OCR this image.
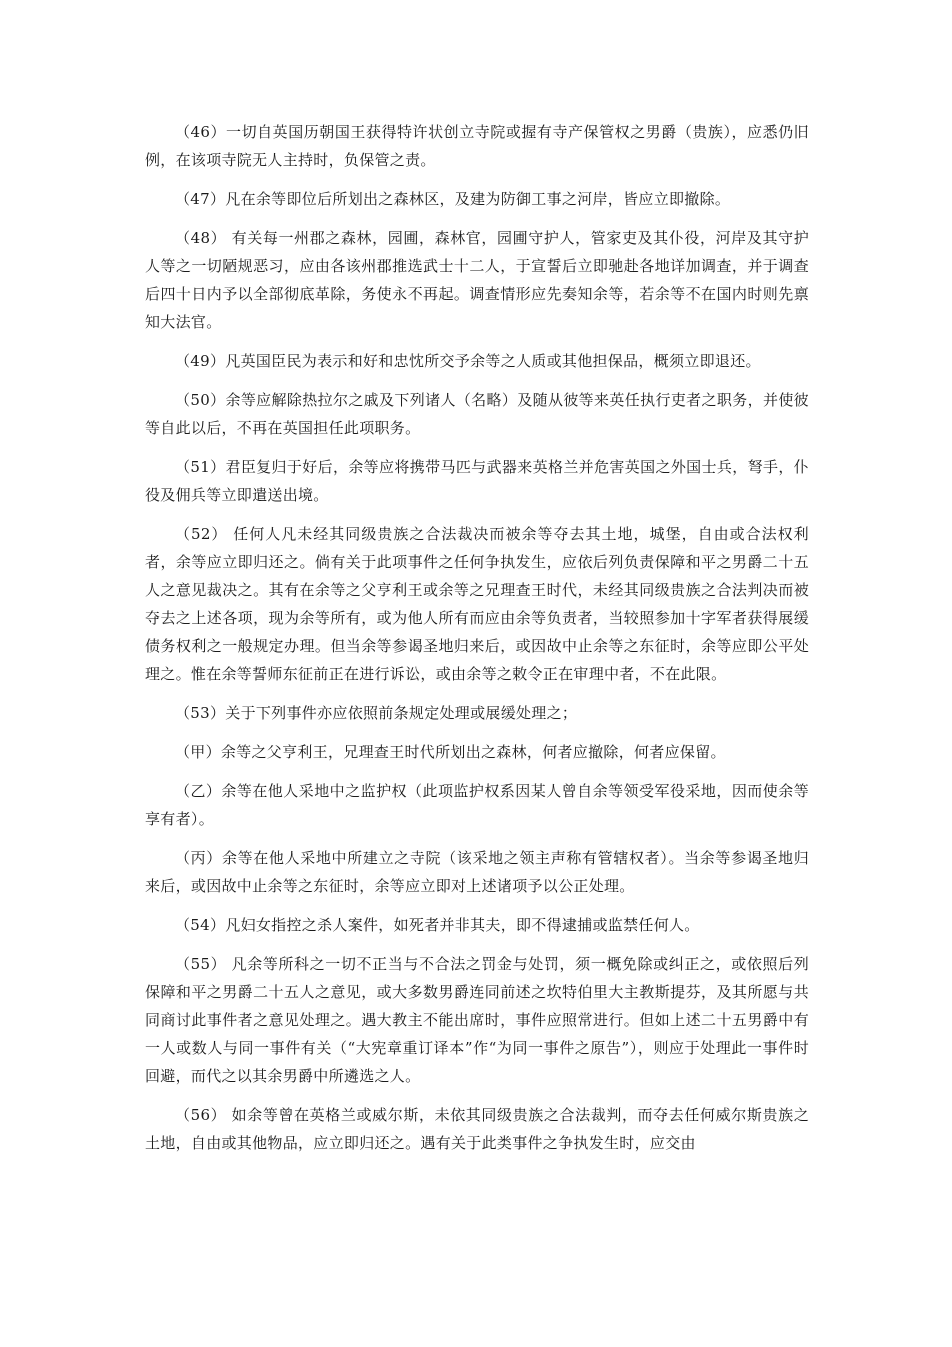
（46）一切自英国历朝国王获得特许状创立寺院或握有寺产保管权之男爵（贵族），应悉仍旧例，在该项寺院无人主持时，负保管之责。

（47）凡在余等即位后所划出之森林区，及建为防御工事之河岸，皆应立即撤除。

（48） 有关每一州郡之森林，园圃，森林官，园圃守护人，管家吏及其仆役，河岸及其守护人等之一切陋规恶习，应由各该州郡推选武士十二人，于宣誓后立即驰赴各地详加调查，并于调查后四十日内予以全部彻底革除，务使永不再起。调查情形应先奏知余等，若余等不在国内时则先禀知大法官。

（49）凡英国臣民为表示和好和忠忱所交予余等之人质或其他担保品，概须立即退还。

（50）余等应解除热拉尔之戚及下列诸人（名略）及随从彼等来英任执行吏者之职务，并使彼等自此以后，不再在英国担任此项职务。

（51）君臣复归于好后，余等应将携带马匹与武器来英格兰并危害英国之外国士兵，弩手，仆役及佣兵等立即遣送出境。

（52） 任何人凡未经其同级贵族之合法裁决而被余等夺去其土地，城堡，自由或合法权利者，余等应立即归还之。倘有关于此项事件之任何争执发生，应依后列负责保障和平之男爵二十五人之意见裁决之。其有在余等之父亨利王或余等之兄理查王时代，未经其同级贵族之合法判决而被夺去之上述各项，现为余等所有，或为他人所有而应由余等负责者，当较照参加十字军者获得展缓债务权利之一般规定办理。但当余等参谒圣地归来后，或因故中止余等之东征时，余等应即公平处理之。惟在余等誓师东征前正在进行诉讼，或由余等之敕令正在审理中者，不在此限。

（53）关于下列事件亦应依照前条规定处理或展缓处理之；

（甲）余等之父亨利王，兄理查王时代所划出之森林，何者应撤除，何者应保留。

（乙）余等在他人采地中之监护权（此项监护权系因某人曾自余等领受军役采地，因而使余等享有者）。

（丙）余等在他人采地中所建立之寺院（该采地之领主声称有管辖权者）。当余等参谒圣地归来后，或因故中止余等之东征时，余等应立即对上述诸项予以公正处理。

（54）凡妇女指控之杀人案件，如死者并非其夫，即不得逮捕或监禁任何人。

（55） 凡余等所科之一切不正当与不合法之罚金与处罚，须一概免除或纠正之，或依照后列保障和平之男爵二十五人之意见，或大多数男爵连同前述之坎特伯里大主教斯提芬，及其所愿与共同商讨此事件者之意见处理之。遇大教主不能出席时，事件应照常进行。但如上述二十五男爵中有一人或数人与同一事件有关（“大宪章重订译本”作“为同一事件之原告”），则应于处理此一事件时回避，而代之以其余男爵中所遴选之人。

（56） 如余等曾在英格兰或威尔斯，未依其同级贵族之合法裁判，而夺去任何威尔斯贵族之土地，自由或其他物品，应立即归还之。遇有关于此类事件之争执发生时，应交由
